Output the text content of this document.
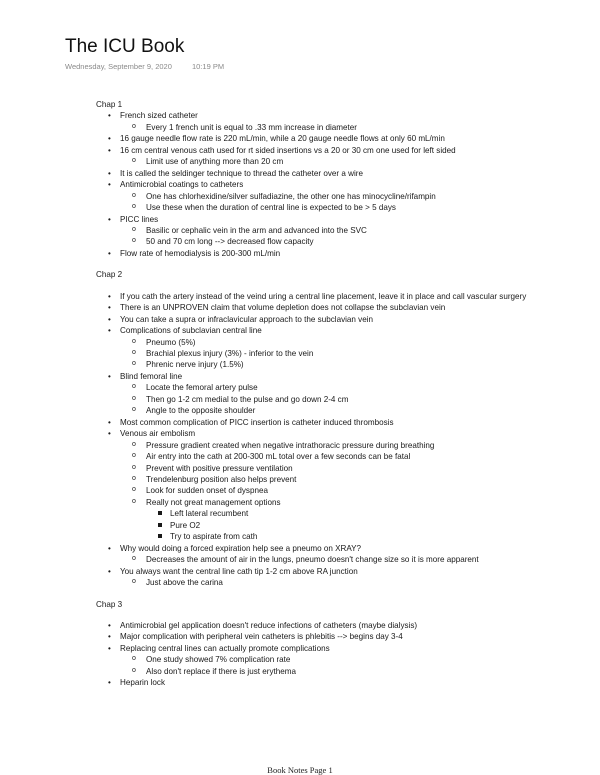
The ICU Book
Wednesday, September 9, 2020	10:19 PM
Chap 1
• French sized catheter
o Every 1 french unit is equal to .33 mm increase in diameter
• 16 gauge needle flow rate is 220 mL/min, while a 20 gauge needle flows at only 60 mL/min
• 16 cm central venous cath used for rt sided insertions vs a 20 or 30 cm one used for left sided
o Limit use of anything more than 20 cm
• It is called the seldinger technique to thread the catheter over a wire
• Antimicrobial coatings to catheters
o One has chlorhexidine/silver sulfadiazine, the other one has minocycline/rifampin
o Use these when the duration of central line is expected to be > 5 days
• PICC lines
o Basilic or cephalic vein in the arm and advanced into the SVC
o 50 and 70 cm long --> decreased flow capacity
• Flow rate of hemodialysis is 200-300 mL/min
Chap 2
• If you cath the artery instead of the veind uring a central line placement, leave it in place and call vascular surgery
• There is an UNPROVEN claim that volume depletion does not collapse the subclavian vein
• You can take a supra or infraclavicular approach to the subclavian vein
• Complications of subclavian central line
o Pneumo (5%)
o Brachial plexus injury (3%) - inferior to the vein
o Phrenic nerve injury (1.5%)
• Blind femoral line
o Locate the femoral artery pulse
o Then go 1-2 cm medial to the pulse and go down 2-4 cm
o Angle to the opposite shoulder
• Most common complication of PICC insertion is catheter induced thrombosis
• Venous air embolism
o Pressure gradient created when negative intrathoracic pressure during breathing
o Air entry into the cath at 200-300 mL total over a few seconds can be fatal
o Prevent with positive pressure ventilation
o Trendelenburg position also helps prevent
o Look for sudden onset of dyspnea
o Really not great management options
Left lateral recumbent
Pure O2
Try to aspirate from cath
• Why would doing a forced expiration help see a pneumo on XRAY?
o Decreases the amount of air in the lungs, pneumo doesn't change size so it is more apparent
• You always want the central line cath tip 1-2 cm above RA junction
o Just above the carina
Chap 3
• Antimicrobial gel application doesn't reduce infections of catheters (maybe dialysis)
• Major complication with peripheral vein catheters is phlebitis --> begins day 3-4
• Replacing central lines can actually promote complications
o One study showed 7% complication rate
o Also don't replace if there is just erythema
• Heparin lock
Book Notes Page 1
